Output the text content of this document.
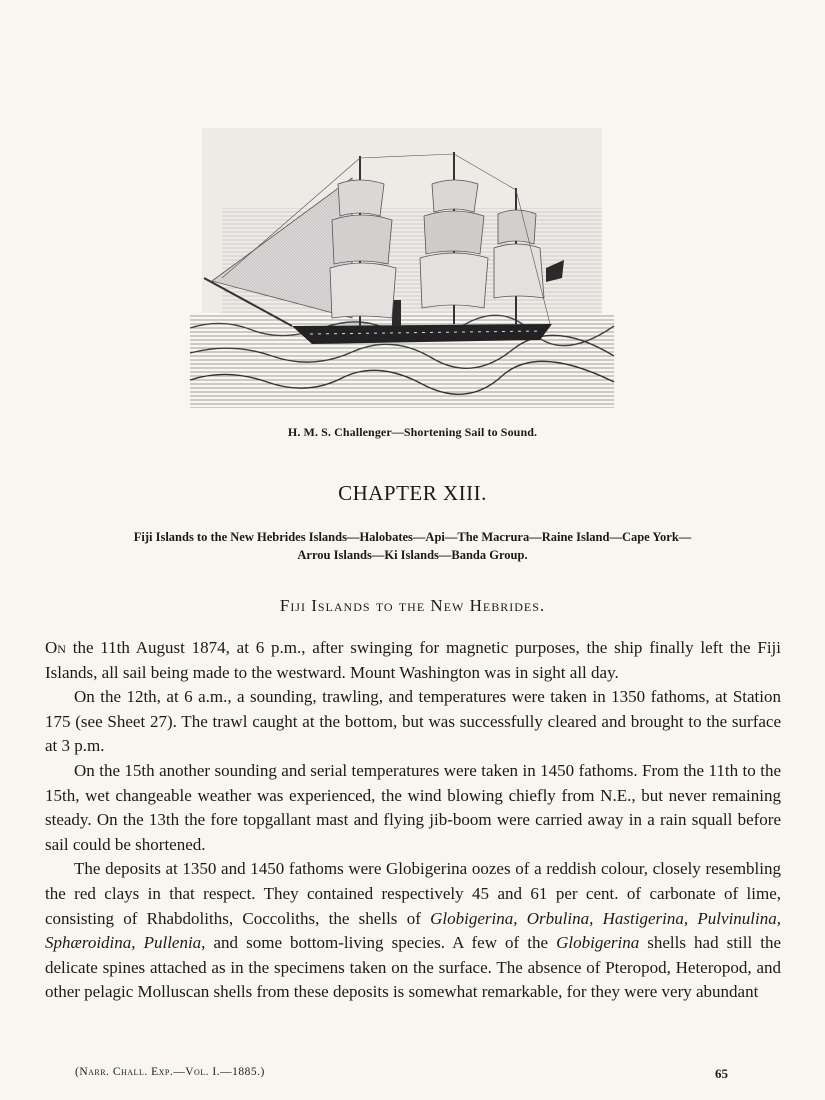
H. M. S. Challenger—Shortening Sail to Sound.
CHAPTER XIII.
Fiji Islands to the New Hebrides Islands—Halobates—Api—The Macrura—Raine Island—Cape York—
Arrou Islands—Ki Islands—Banda Group.
Fiji Islands to the New Hebrides.

On the 11th August 1874, at 6 p.m., after swinging for magnetic purposes, the ship finally left the Fiji Islands, all sail being made to the westward. Mount Washington was in sight all day.

On the 12th, at 6 a.m., a sounding, trawling, and temperatures were taken in 1350 fathoms, at Station 175 (see Sheet 27). The trawl caught at the bottom, but was successfully cleared and brought to the surface at 3 p.m.

On the 15th another sounding and serial temperatures were taken in 1450 fathoms. From the 11th to the 15th, wet changeable weather was experienced, the wind blowing chiefly from N.E., but never remaining steady. On the 13th the fore topgallant mast and flying jib-boom were carried away in a rain squall before sail could be shortened.

The deposits at 1350 and 1450 fathoms were Globigerina oozes of a reddish colour, closely resembling the red clays in that respect. They contained respectively 45 and 61 per cent. of carbonate of lime, consisting of Rhabdoliths, Coccoliths, the shells of Globigerina, Orbulina, Hastigerina, Pulvinulina, Sphæroidina, Pullenia, and some bottom-living species. A few of the Globigerina shells had still the delicate spines attached as in the specimens taken on the surface. The absence of Pteropod, Heteropod, and other pelagic Molluscan shells from these deposits is somewhat remarkable, for they were very abundant

(Narr. Chall. Exp.—Vol. I.—1885.)	65
